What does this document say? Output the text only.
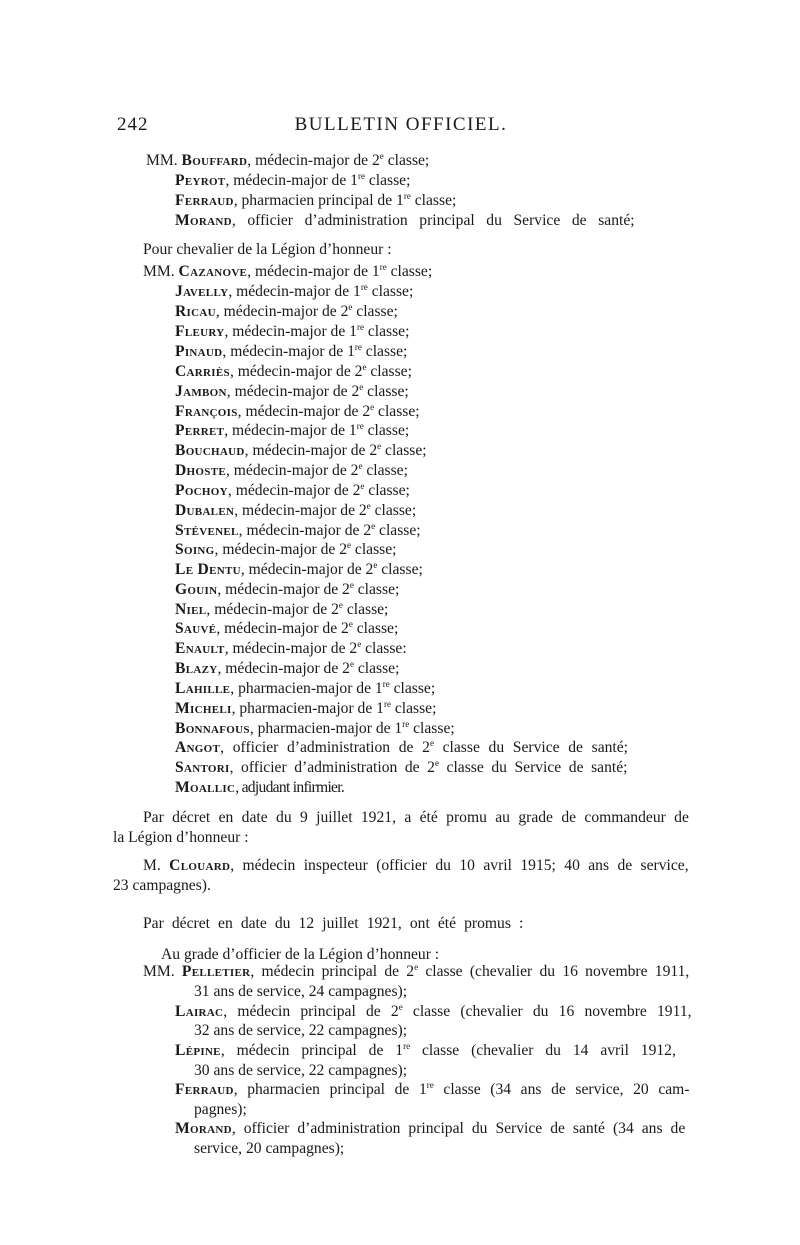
242	BULLETIN OFFICIEL.
MM. Bouffard, médecin-major de 2e classe;
Peyrot, médecin-major de 1re classe;
Ferraud, pharmacien principal de 1re classe;
Morand, officier d’administration principal du Service de santé;
Pour chevalier de la Légion d’honneur :
MM. Cazanove, médecin-major de 1re classe;
Javelly, médecin-major de 1re classe;
Ricau, médecin-major de 2e classe;
Fleury, médecin-major de 1re classe;
Pinaud, médecin-major de 1re classe;
Carriès, médecin-major de 2e classe;
Jambon, médecin-major de 2e classe;
François, médecin-major de 2e classe;
Perret, médecin-major de 1re classe;
Bouchaud, médecin-major de 2e classe;
Dhoste, médecin-major de 2e classe;
Pochoy, médecin-major de 2e classe;
Dubalen, médecin-major de 2e classe;
Stévenel, médecin-major de 2e classe;
Soing, médecin-major de 2e classe;
Le Dentu, médecin-major de 2e classe;
Gouin, médecin-major de 2e classe;
Niel, médecin-major de 2e classe;
Sauvé, médecin-major de 2e classe;
Enault, médecin-major de 2e classe:
Blazy, médecin-major de 2e classe;
Lahille, pharmacien-major de 1re classe;
Micheli, pharmacien-major de 1re classe;
Bonnafous, pharmacien-major de 1re classe;
Angot, officier d’administration de 2e classe du Service de santé;
Santori, officier d’administration de 2e classe du Service de santé;
Moallic, adjudant infirmier.
Par décret en date du 9 juillet 1921, a été promu au grade de commandeur de
la Légion d’honneur :
M. Clouard, médecin inspecteur (officier du 10 avril 1915; 40 ans de service,
23 campagnes).
Par décret en date du 12 juillet 1921, ont été promus :
Au grade d’officier de la Légion d’honneur :
MM. Pelletier, médecin principal de 2e classe (chevalier du 16 novembre 1911,
31 ans de service, 24 campagnes);
Lairac, médecin principal de 2e classe (chevalier du 16 novembre 1911,
32 ans de service, 22 campagnes);
Lépine, médecin principal de 1re classe (chevalier du 14 avril 1912,
30 ans de service, 22 campagnes);
Ferraud, pharmacien principal de 1re classe (34 ans de service, 20 cam-
pagnes);
Morand, officier d’administration principal du Service de santé (34 ans de
service, 20 campagnes);
